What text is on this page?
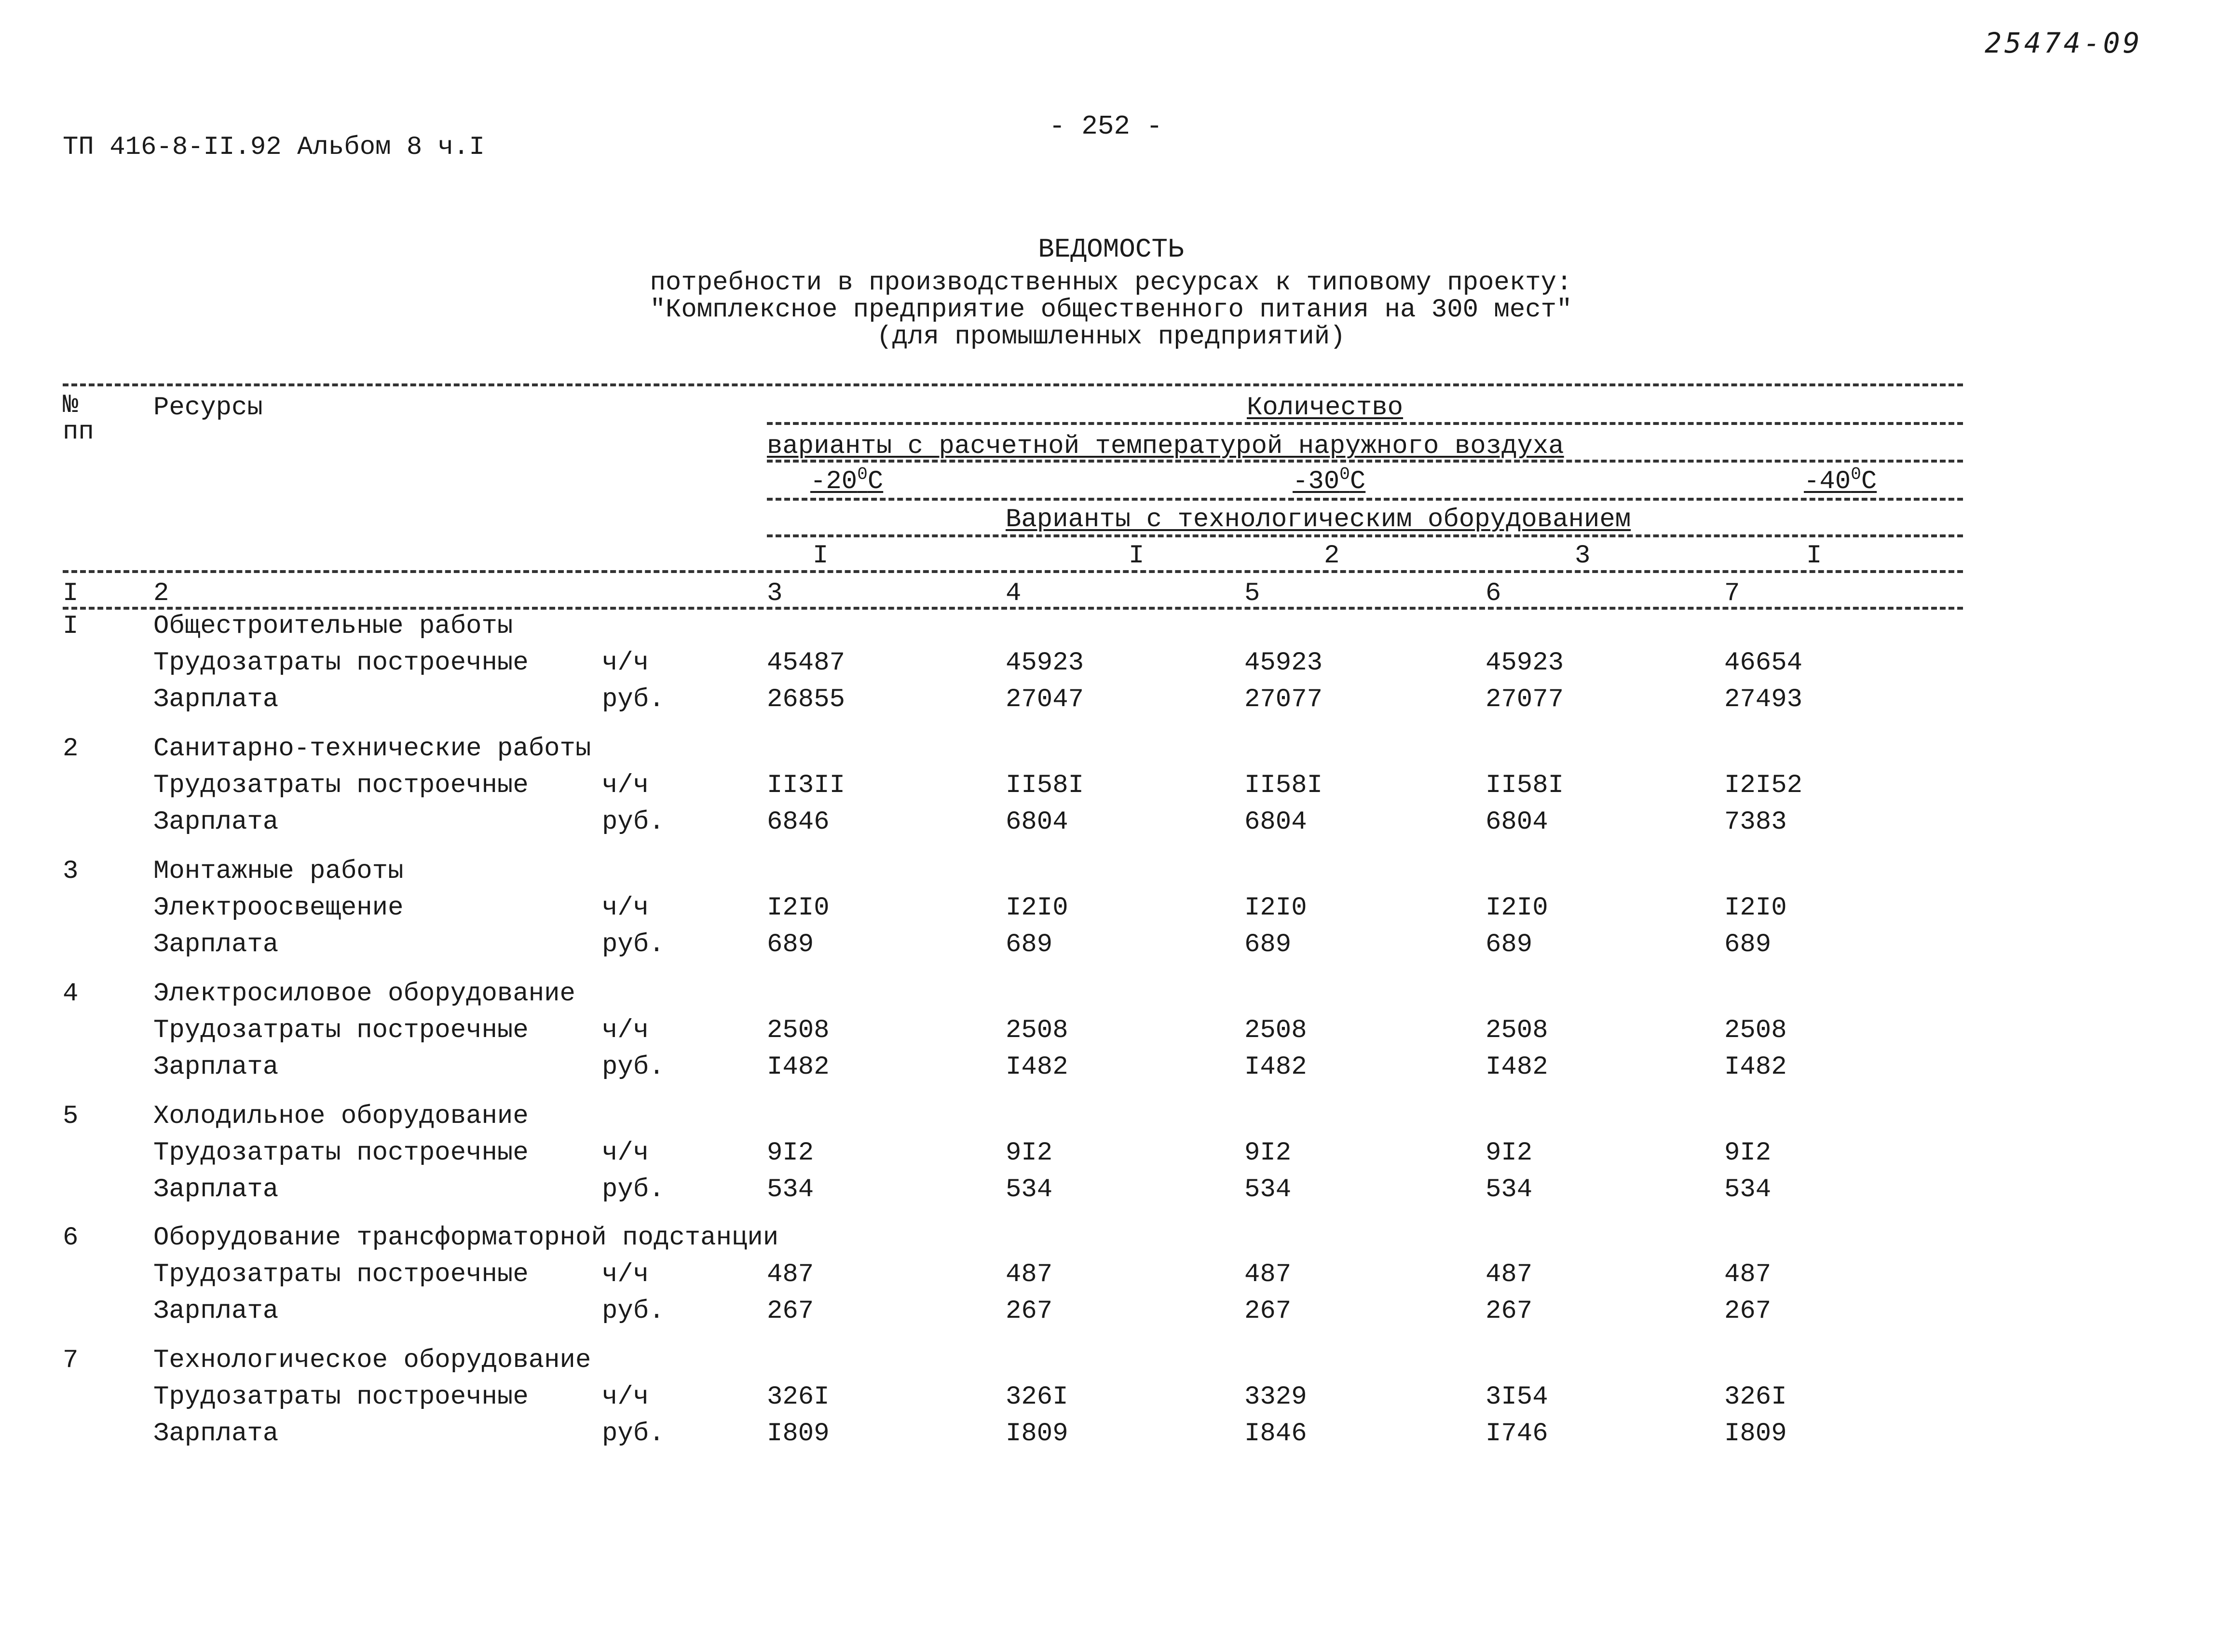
25474-09
ТП 416-8-II.92 Альбом 8 ч.I
- 252 -
ВЕДОМОСТЬ
потребности в производственных ресурсах к типовому проекту:
"Комплексное предприятие общественного питания на 300 мест"
(для промышленных предприятий)
№
пп
Ресурсы	Количество
варианты с расчетной температурой наружного воздуха
$-20^0С$	$-30^0С$	$-40^0С$
Варианты с технологическим оборудованием
I	I	2	3	I
I	2	3	4	5	6	7
I	Общестроительные работы
Трудозатраты построечные	ч/ч	45487	45923	45923	45923	46654
Зарплата	руб.	26855	27047	27077	27077	27493
2	Санитарно-технические работы
Трудозатраты построечные	ч/ч	II3II	II58I	II58I	II58I	I2I52
Зарплата	руб.	6846	6804	6804	6804	7383
3	Монтажные работы
Электроосвещение	ч/ч	I2I0	I2I0	I2I0	I2I0	I2I0
Зарплата	руб.	689	689	689	689	689
4	Электросиловое оборудование
Трудозатраты построечные	ч/ч	2508	2508	2508	2508	2508
Зарплата	руб.	I482	I482	I482	I482	I482
5	Холодильное оборудование
Трудозатраты построечные	ч/ч	9I2	9I2	9I2	9I2	9I2
Зарплата	руб.	534	534	534	534	534
6	Оборудование трансформаторной подстанции
Трудозатраты построечные	ч/ч	487	487	487	487	487
Зарплата	руб.	267	267	267	267	267
7	Технологическое оборудование
Трудозатраты построечные	ч/ч	326I	326I	3329	3I54	326I
Зарплата	руб.	I809	I809	I846	I746	I809
